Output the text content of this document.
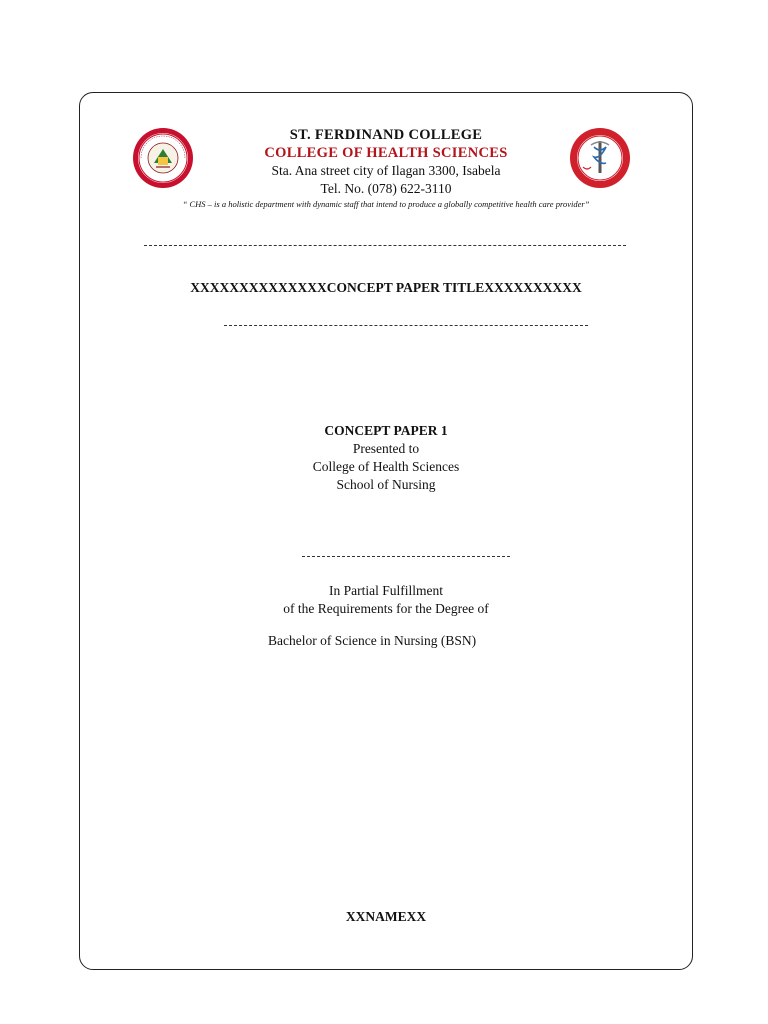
ST. FERDINAND COLLEGE
COLLEGE OF HEALTH SCIENCES
Sta. Ana street city of Ilagan 3300, Isabela
Tel. No. (078) 622-3110
“ CHS – is a holistic department with dynamic staff that intend to produce a globally competitive health care provider”
XXXXXXXXXXXXXXCONCEPT PAPER TITLEXXXXXXXXXX
CONCEPT PAPER 1
Presented to
College of Health Sciences
School of Nursing
In Partial Fulfillment
of the Requirements for the Degree of
Bachelor of Science in Nursing (BSN)
XXNAMEXX
